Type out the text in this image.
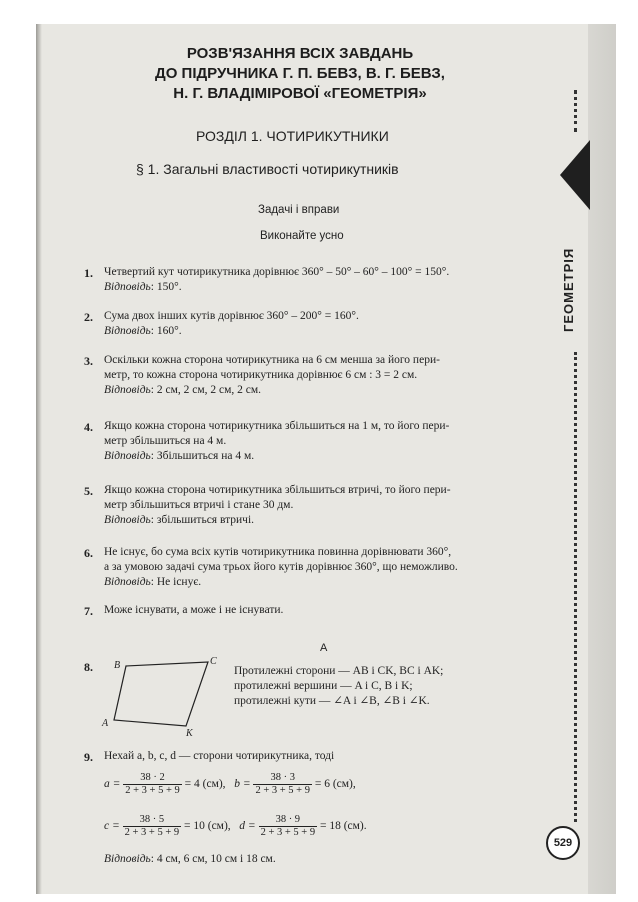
РОЗВ'ЯЗАННЯ ВСІХ ЗАВДАНЬ
ДО ПІДРУЧНИКА Г. П. БЕВЗ, В. Г. БЕВЗ,
Н. Г. ВЛАДІМІРОВОЇ «ГЕОМЕТРІЯ»
РОЗДІЛ 1. ЧОТИРИКУТНИКИ
§ 1. Загальні властивості чотирикутників
Задачі і вправи
Виконайте усно
ГЕОМЕТРІЯ
529
1. Четвертий кут чотирикутника дорівнює 360° – 50° – 60° – 100° = 150°.
Відповідь: 150°.
2. Сума двох інших кутів дорівнює 360° – 200° = 160°.
Відповідь: 160°.
3. Оскільки кожна сторона чотирикутника на 6 см менша за його пери-
метр, то кожна сторона чотирикутника дорівнює 6 см : 3 = 2 см.
Відповідь: 2 см, 2 см, 2 см, 2 см.
4. Якщо кожна сторона чотирикутника збільшиться на 1 м, то його пери-
метр збільшиться на 4 м.
Відповідь: Збільшиться на 4 м.
5. Якщо кожна сторона чотирикутника збільшиться втричі, то його пери-
метр збільшиться втричі і стане 30 дм.
Відповідь: збільшиться втричі.
6. Не існує, бо сума всіх кутів чотирикутника повинна дорівнювати 360°,
а за умовою задачі сума трьох його кутів дорівнює 360°, що неможливо.
Відповідь: Не існує.
7. Може існувати, а може і не існувати.
А
8. B	C
A
K
Протилежні сторони — AB і CK, BC і AK;
протилежні вершини — A і C, B і K;
протилежні кути — ∠A і ∠B, ∠B і ∠K.
9. Нехай a, b, c, d — сторони чотирикутника, тоді
$a = \frac{38 \cdot 2}{2 + 3 + 5 + 9} = 4$ (см), $b = \frac{38 \cdot 3}{2 + 3 + 5 + 9} = 6$ (см),
$c = \frac{38 \cdot 5}{2 + 3 + 5 + 9} = 10$ (см), $d = \frac{38 \cdot 9}{2 + 3 + 5 + 9} = 18$ (см).
Відповідь: 4 см, 6 см, 10 см і 18 см.
